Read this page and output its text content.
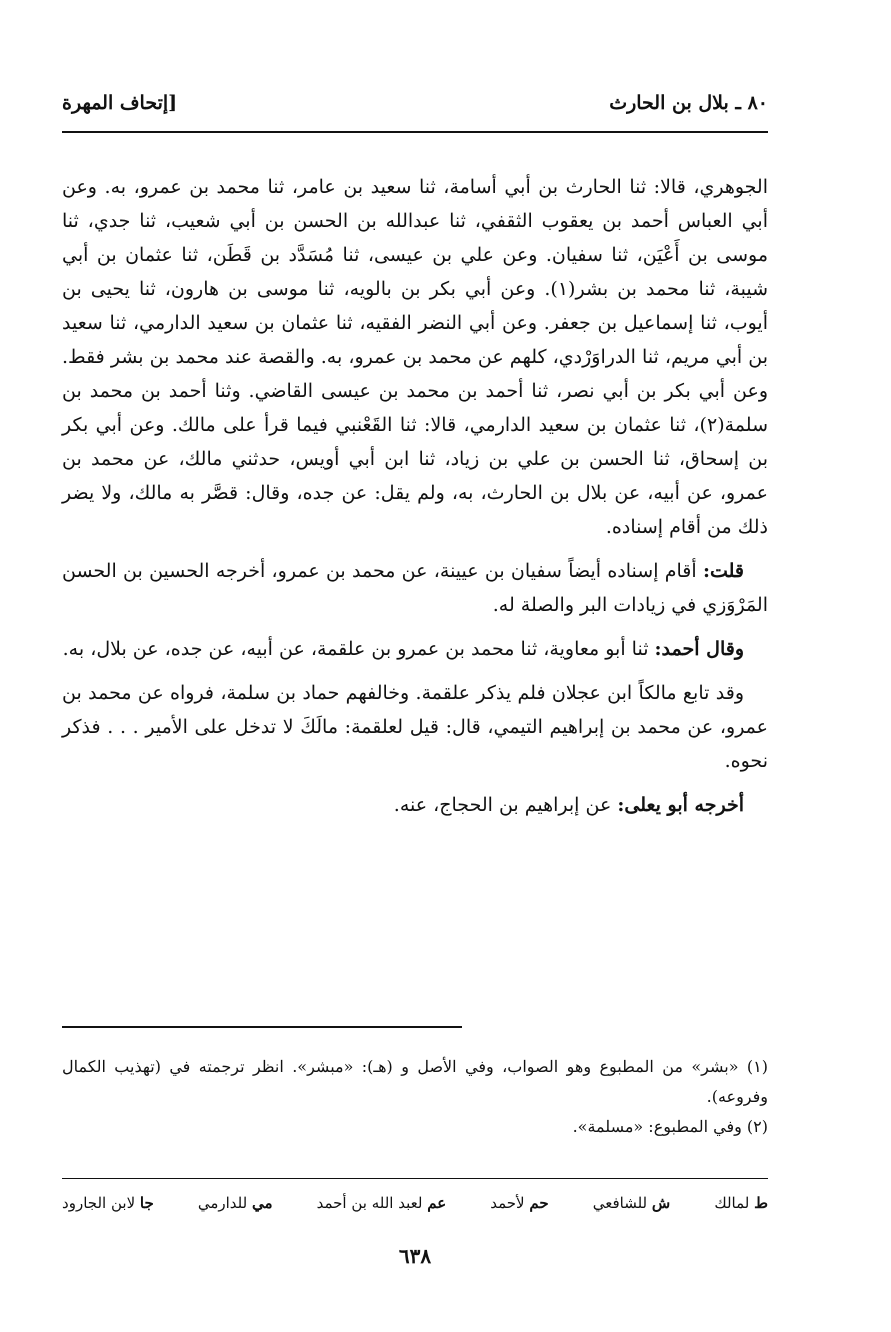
٨٠ ـ بلال بن الحارث
[إتحاف المهرة

الجوهري، قالا: ثنا الحارث بن أبي أسامة، ثنا سعيد بن عامر، ثنا محمد بن عمرو، به. وعن أبي العباس أحمد بن يعقوب الثقفي، ثنا عبدالله بن الحسن بن أبي شعيب، ثنا جدي، ثنا موسى بن أَعْيَن، ثنا سفيان. وعن علي بن عيسى، ثنا مُسَدَّد بن قَطَن، ثنا عثمان بن أبي شيبة، ثنا محمد بن بشر(١). وعن أبي بكر بن بالويه، ثنا موسى بن هارون، ثنا يحيى بن أيوب، ثنا إسماعيل بن جعفر. وعن أبي النضر الفقيه، ثنا عثمان بن سعيد الدارمي، ثنا سعيد بن أبي مريم، ثنا الدراوَرْدي، كلهم عن محمد بن عمرو، به. والقصة عند محمد بن بشر فقط. وعن أبي بكر بن أبي نصر، ثنا أحمد بن محمد بن عيسى القاضي. وثنا أحمد بن محمد بن سلمة(٢)، ثنا عثمان بن سعيد الدارمي، قالا: ثنا القَعْنبي فيما قرأ على مالك. وعن أبي بكر بن إسحاق، ثنا الحسن بن علي بن زياد، ثنا ابن أبي أويس، حدثني مالك، عن محمد بن عمرو، عن أبيه، عن بلال بن الحارث، به، ولم يقل: عن جده، وقال: قصَّر به مالك، ولا يضر ذلك من أقام إسناده.

قلت: أقام إسناده أيضاً سفيان بن عيينة، عن محمد بن عمرو، أخرجه الحسين بن الحسن المَرْوَزي في زيادات البر والصلة له.

وقال أحمد: ثنا أبو معاوية، ثنا محمد بن عمرو بن علقمة، عن أبيه، عن جده، عن بلال، به.

وقد تابع مالكاً ابن عجلان فلم يذكر علقمة. وخالفهم حماد بن سلمة، فرواه عن محمد بن عمرو، عن محمد بن إبراهيم التيمي، قال: قيل لعلقمة: مالَكَ لا تدخل على الأمير . . . فذكر نحوه.

أخرجه أبو يعلى: عن إبراهيم بن الحجاج، عنه.

(١) «بشر» من المطبوع وهو الصواب، وفي الأصل و (هـ): «مبشر». انظر ترجمته في (تهذيب الكمال وفروعه).

(٢) وفي المطبوع: «مسلمة».

ط لمالك
ش للشافعي
حم لأحمد
عم لعبد الله بن أحمد
مي للدارمي
جا لابن الجارود
٦٣٨
